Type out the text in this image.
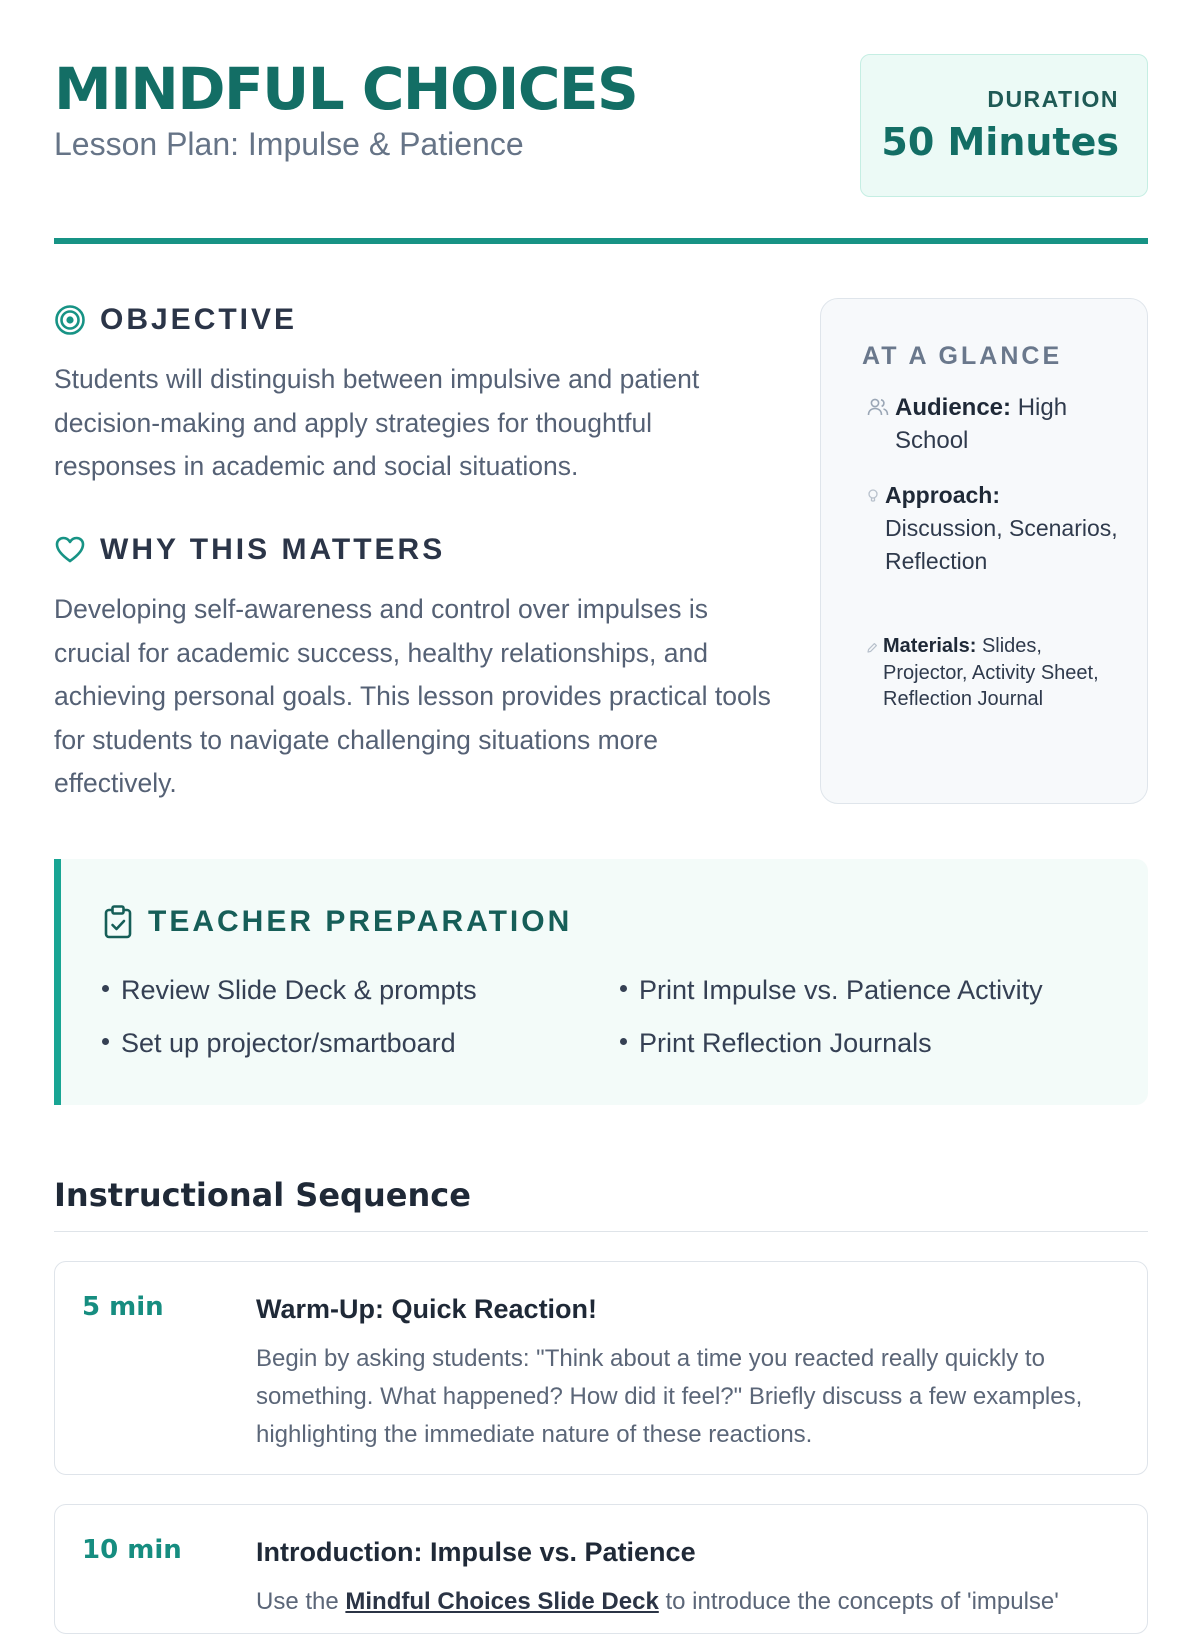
MINDFUL CHOICES
Lesson Plan: Impulse & Patience
DURATION
50 Minutes
OBJECTIVE

Students will distinguish between impulsive and patient decision-making and apply strategies for thoughtful responses in academic and social situations.

WHY THIS MATTERS

Developing self-awareness and control over impulses is crucial for academic success, healthy relationships, and achieving personal goals. This lesson provides practical tools for students to navigate challenging situations more effectively.

AT A GLANCE
Audience: High School
Approach: Discussion, Scenarios, Reflection
Materials: Slides, Projector, Activity Sheet, Reflection Journal
TEACHER PREPARATION
Review Slide Deck & prompts	Print Impulse vs. Patience Activity
Set up projector/smartboard	Print Reflection Journals
Instructional Sequence
5 min	Warm-Up: Quick Reaction!

Begin by asking students: "Think about a time you reacted really quickly to something. What happened? How did it feel?" Briefly discuss a few examples, highlighting the immediate nature of these reactions.

10 min	Introduction: Impulse vs. Patience

Use the Mindful Choices Slide Deck to introduce the concepts of 'impulse'
